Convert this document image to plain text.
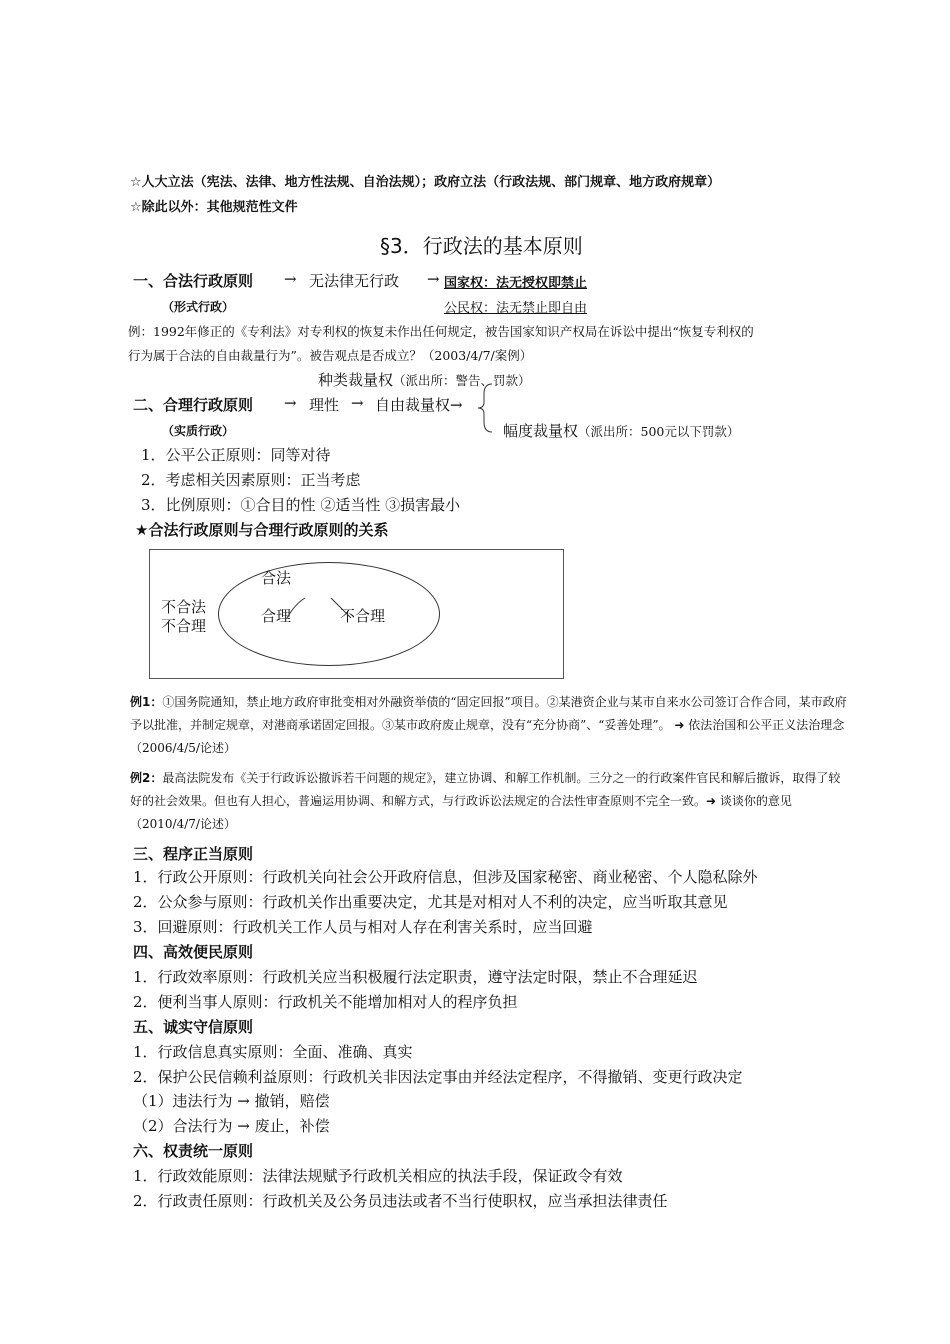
☆人大立法（宪法、法律、地方性法规、自治法规）；政府立法（行政法规、部门规章、地方政府规章）
☆除此以外：其他规范性文件
§3．行政法的基本原则
一、合法行政原则 → 无法律无行政 → 国家权：法无授权即禁止
（形式行政）	公民权：法无禁止即自由
例：1992年修正的《专利法》对专利权的恢复未作出任何规定，被告国家知识产权局在诉讼中提出“恢复专利权的
行为属于合法的自由裁量行为”。被告观点是否成立？（2003/4/7/案例）
种类裁量权（派出所：警告、罚款）
二、合理行政原则 → 理性 → 自由裁量权→
（实质行政）	幅度裁量权（派出所：500元以下罚款）
1．公平公正原则：同等对待
2．考虑相关因素原则：正当考虑
3．比例原则：①合目的性 ②适当性 ③损害最小
★合法行政原则与合理行政原则的关系
合法
不合法
不合理
合理	不合理
例1：①国务院通知，禁止地方政府审批变相对外融资举债的“固定回报”项目。②某港资企业与某市自来水公司签订合作合同，某市政府予以批准，并制定规章，对港商承诺固定回报。③某市政府废止规章，没有“充分协商”、“妥善处理”。 ➜ 依法治国和公平正义法治理念（2006/4/5/论述）
例2：最高法院发布《关于行政诉讼撤诉若干问题的规定》，建立协调、和解工作机制。三分之一的行政案件官民和解后撤诉，取得了较好的社会效果。但也有人担心，普遍运用协调、和解方式，与行政诉讼法规定的合法性审查原则不完全一致。➜ 谈谈你的意见（2010/4/7/论述）
三、程序正当原则
1．行政公开原则：行政机关向社会公开政府信息，但涉及国家秘密、商业秘密、个人隐私除外
2．公众参与原则：行政机关作出重要决定，尤其是对相对人不利的决定，应当听取其意见
3．回避原则：行政机关工作人员与相对人存在利害关系时，应当回避
四、高效便民原则
1．行政效率原则：行政机关应当积极履行法定职责，遵守法定时限，禁止不合理延迟
2．便利当事人原则：行政机关不能增加相对人的程序负担
五、诚实守信原则
1．行政信息真实原则：全面、准确、真实
2．保护公民信赖利益原则：行政机关非因法定事由并经法定程序，不得撤销、变更行政决定
（1）违法行为 → 撤销，赔偿
（2）合法行为 → 废止，补偿
六、权责统一原则
1．行政效能原则：法律法规赋予行政机关相应的执法手段，保证政令有效
2．行政责任原则：行政机关及公务员违法或者不当行使职权，应当承担法律责任
